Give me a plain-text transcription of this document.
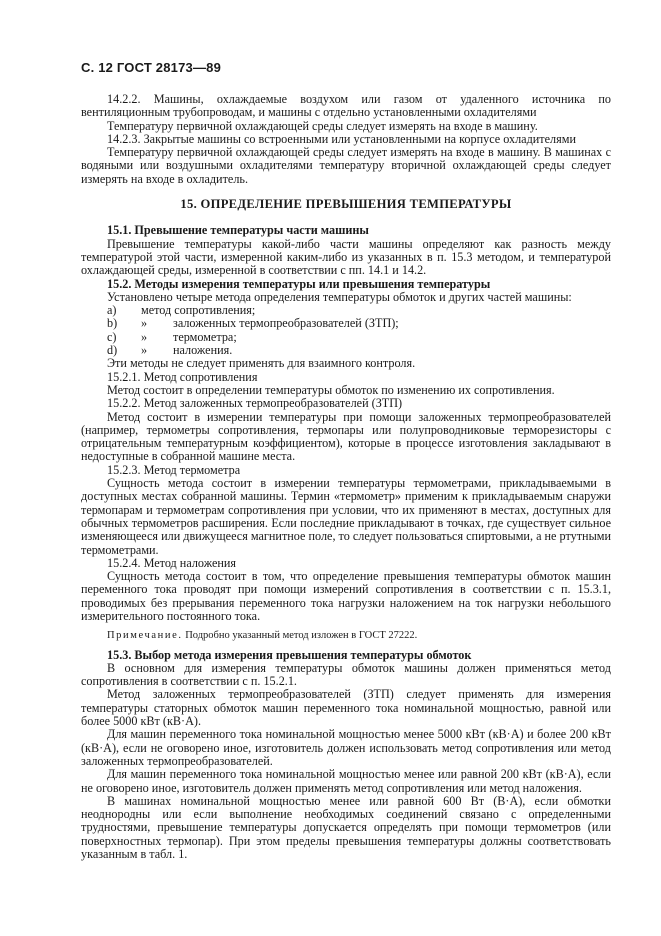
С. 12 ГОСТ 28173—89

14.2.2. Машины, охлаждаемые воздухом или газом от удаленного источника по вентиляционным трубопроводам, и машины с отдельно установленными охладителями

Температуру первичной охлаждающей среды следует измерять на входе в машину.

14.2.3. Закрытые машины со встроенными или установленными на корпусе охладителями

Температуру первичной охлаждающей среды следует измерять на входе в машину. В машинах с водяными или воздушными охладителями температуру вторичной охлаждающей среды следует измерять на входе в охладитель.

15. ОПРЕДЕЛЕНИЕ ПРЕВЫШЕНИЯ ТЕМПЕРАТУРЫ

15.1. Превышение температуры части машины

Превышение температуры какой-либо части машины определяют как разность между температурой этой части, измеренной каким-либо из указанных в п. 15.3 методом, и температурой охлаждающей среды, измеренной в соответствии с пп. 14.1 и 14.2.

15.2. Методы измерения температуры или превышения температуры

Установлено четыре метода определения температуры обмоток и других частей машины:

а)	метод сопротивления;
b)	»	заложенных термопреобразователей (ЗТП);
с)	»	термометра;
d)	»	наложения.

Эти методы не следует применять для взаимного контроля.

15.2.1. Метод сопротивления

Метод состоит в определении температуры обмоток по изменению их сопротивления.

15.2.2. Метод заложенных термопреобразователей (ЗТП)

Метод состоит в измерении температуры при помощи заложенных термопреобразователей (например, термометры сопротивления, термопары или полупроводниковые терморезисторы с отрицательным температурным коэффициентом), которые в процессе изготовления закладывают в недоступные в собранной машине места.

15.2.3. Метод термометра

Сущность метода состоит в измерении температуры термометрами, прикладываемыми в доступных местах собранной машины. Термин «термометр» применим к прикладываемым снаружи термопарам и термометрам сопротивления при условии, что их применяют в местах, доступных для обычных термометров расширения. Если последние прикладывают в точках, где существует сильное изменяющееся или движущееся магнитное поле, то следует пользоваться спиртовыми, а не ртутными термометрами.

15.2.4. Метод наложения

Сущность метода состоит в том, что определение превышения температуры обмоток машин переменного тока проводят при помощи измерений сопротивления в соответствии с п. 15.3.1, проводимых без прерывания переменного тока нагрузки наложением на ток нагрузки небольшого измерительного постоянного тока.

Примечание. Подробно указанный метод изложен в ГОСТ 27222.

15.3. Выбор метода измерения превышения температуры обмоток

В основном для измерения температуры обмоток машины должен применяться метод сопротивления в соответствии с п. 15.2.1.

Метод заложенных термопреобразователей (ЗТП) следует применять для измерения температуры статорных обмоток машин переменного тока номинальной мощностью, равной или более 5000 кВт (кВ·А).

Для машин переменного тока номинальной мощностью менее 5000 кВт (кВ·А) и более 200 кВт (кВ·А), если не оговорено иное, изготовитель должен использовать метод сопротивления или метод заложенных термопреобразователей.

Для машин переменного тока номинальной мощностью менее или равной 200 кВт (кВ·А), если не оговорено иное, изготовитель должен применять метод сопротивления или метод наложения.

В машинах номинальной мощностью менее или равной 600 Вт (В·А), если обмотки неоднородны или если выполнение необходимых соединений связано с определенными трудностями, превышение температуры допускается определять при помощи термометров (или поверхностных термопар). При этом пределы превышения температуры должны соответствовать указанным в табл. 1.
